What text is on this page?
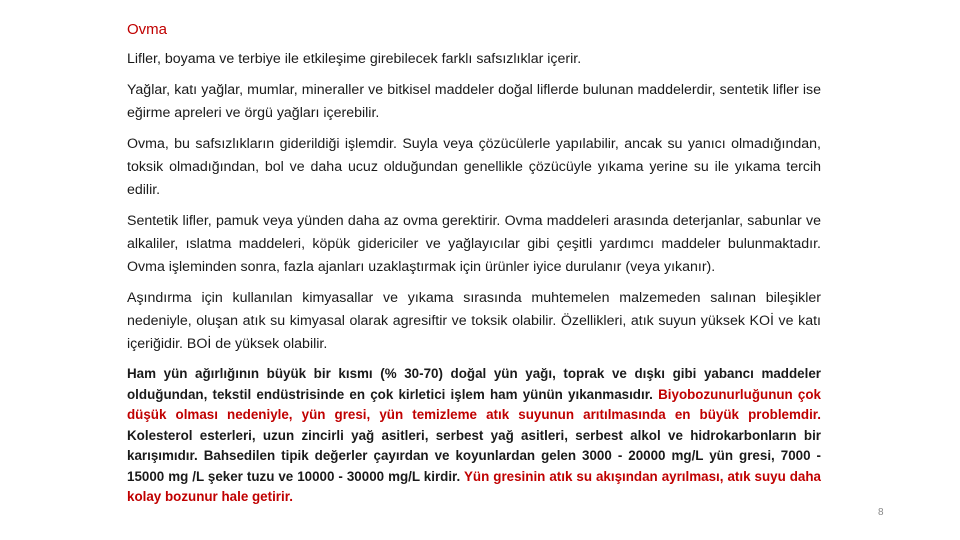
Ovma

Lifler, boyama ve terbiye ile etkileşime girebilecek farklı safsızlıklar içerir.

Yağlar, katı yağlar, mumlar, mineraller ve bitkisel maddeler doğal liflerde bulunan maddelerdir, sentetik lifler ise eğirme apreleri ve örgü yağları içerebilir.

Ovma, bu safsızlıkların giderildiği işlemdir. Suyla veya çözücülerle yapılabilir, ancak su yanıcı olmadığından, toksik olmadığından, bol ve daha ucuz olduğundan genellikle çözücüyle yıkama yerine su ile yıkama tercih edilir.

Sentetik lifler, pamuk veya yünden daha az ovma gerektirir. Ovma maddeleri arasında deterjanlar, sabunlar ve alkaliler, ıslatma maddeleri, köpük gidericiler ve yağlayıcılar gibi çeşitli yardımcı maddeler bulunmaktadır. Ovma işleminden sonra, fazla ajanları uzaklaştırmak için ürünler iyice durulanır (veya yıkanır).

Aşındırma için kullanılan kimyasallar ve yıkama sırasında muhtemelen malzemeden salınan bileşikler nedeniyle, oluşan atık su kimyasal olarak agresiftir ve toksik olabilir. Özellikleri, atık suyun yüksek KOİ ve katı içeriğidir. BOİ de yüksek olabilir.

Ham yün ağırlığının büyük bir kısmı (% 30-70) doğal yün yağı, toprak ve dışkı gibi yabancı maddeler olduğundan, tekstil endüstrisinde en çok kirletici işlem ham yünün yıkanmasıdır. Biyobozunurluğunun çok düşük olması nedeniyle, yün gresi, yün temizleme atık suyunun arıtılmasında en büyük problemdir. Kolesterol esterleri, uzun zincirli yağ asitleri, serbest yağ asitleri, serbest alkol ve hidrokarbonların bir karışımıdır. Bahsedilen tipik değerler çayırdan ve koyunlardan gelen 3000 - 20000 mg/L yün gresi, 7000 - 15000 mg /L şeker tuzu ve 10000 - 30000 mg/L kirdir. Yün gresinin atık su akışından ayrılması, atık suyu daha kolay bozunur hale getirir.

8
